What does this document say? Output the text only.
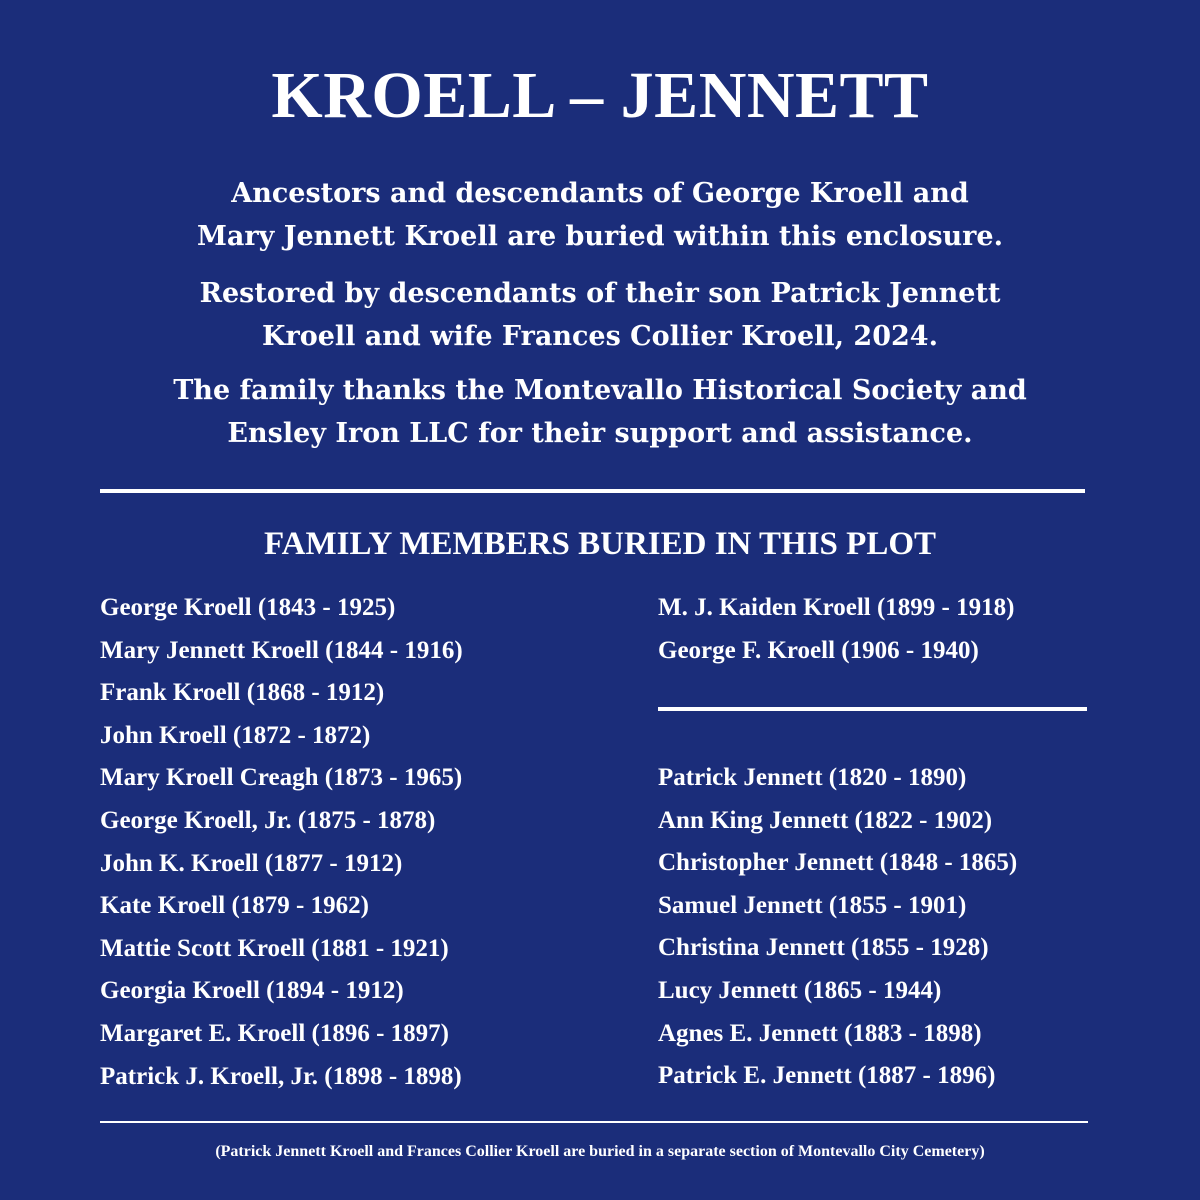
KROELL – JENNETT
Ancestors and descendants of George Kroell and
Mary Jennett Kroell are buried within this enclosure.
Restored by descendants of their son Patrick Jennett
Kroell and wife Frances Collier Kroell, 2024.
The family thanks the Montevallo Historical Society and
Ensley Iron LLC for their support and assistance.
FAMILY MEMBERS BURIED IN THIS PLOT
George Kroell (1843 - 1925)
Mary Jennett Kroell (1844 - 1916)
Frank Kroell (1868 - 1912)
John Kroell (1872 - 1872)
Mary Kroell Creagh (1873 - 1965)
George Kroell, Jr. (1875 - 1878)
John K. Kroell (1877 - 1912)
Kate Kroell (1879 - 1962)
Mattie Scott Kroell (1881 - 1921)
Georgia Kroell (1894 - 1912)
Margaret E. Kroell (1896 - 1897)
Patrick J. Kroell, Jr. (1898 - 1898)
M. J. Kaiden Kroell (1899 - 1918)
George F. Kroell (1906 - 1940)
Patrick Jennett (1820 - 1890)
Ann King Jennett (1822 - 1902)
Christopher Jennett (1848 - 1865)
Samuel Jennett (1855 - 1901)
Christina Jennett (1855 - 1928)
Lucy Jennett (1865 - 1944)
Agnes E. Jennett (1883 - 1898)
Patrick E. Jennett (1887 - 1896)
(Patrick Jennett Kroell and Frances Collier Kroell are buried in a separate section of Montevallo City Cemetery)
